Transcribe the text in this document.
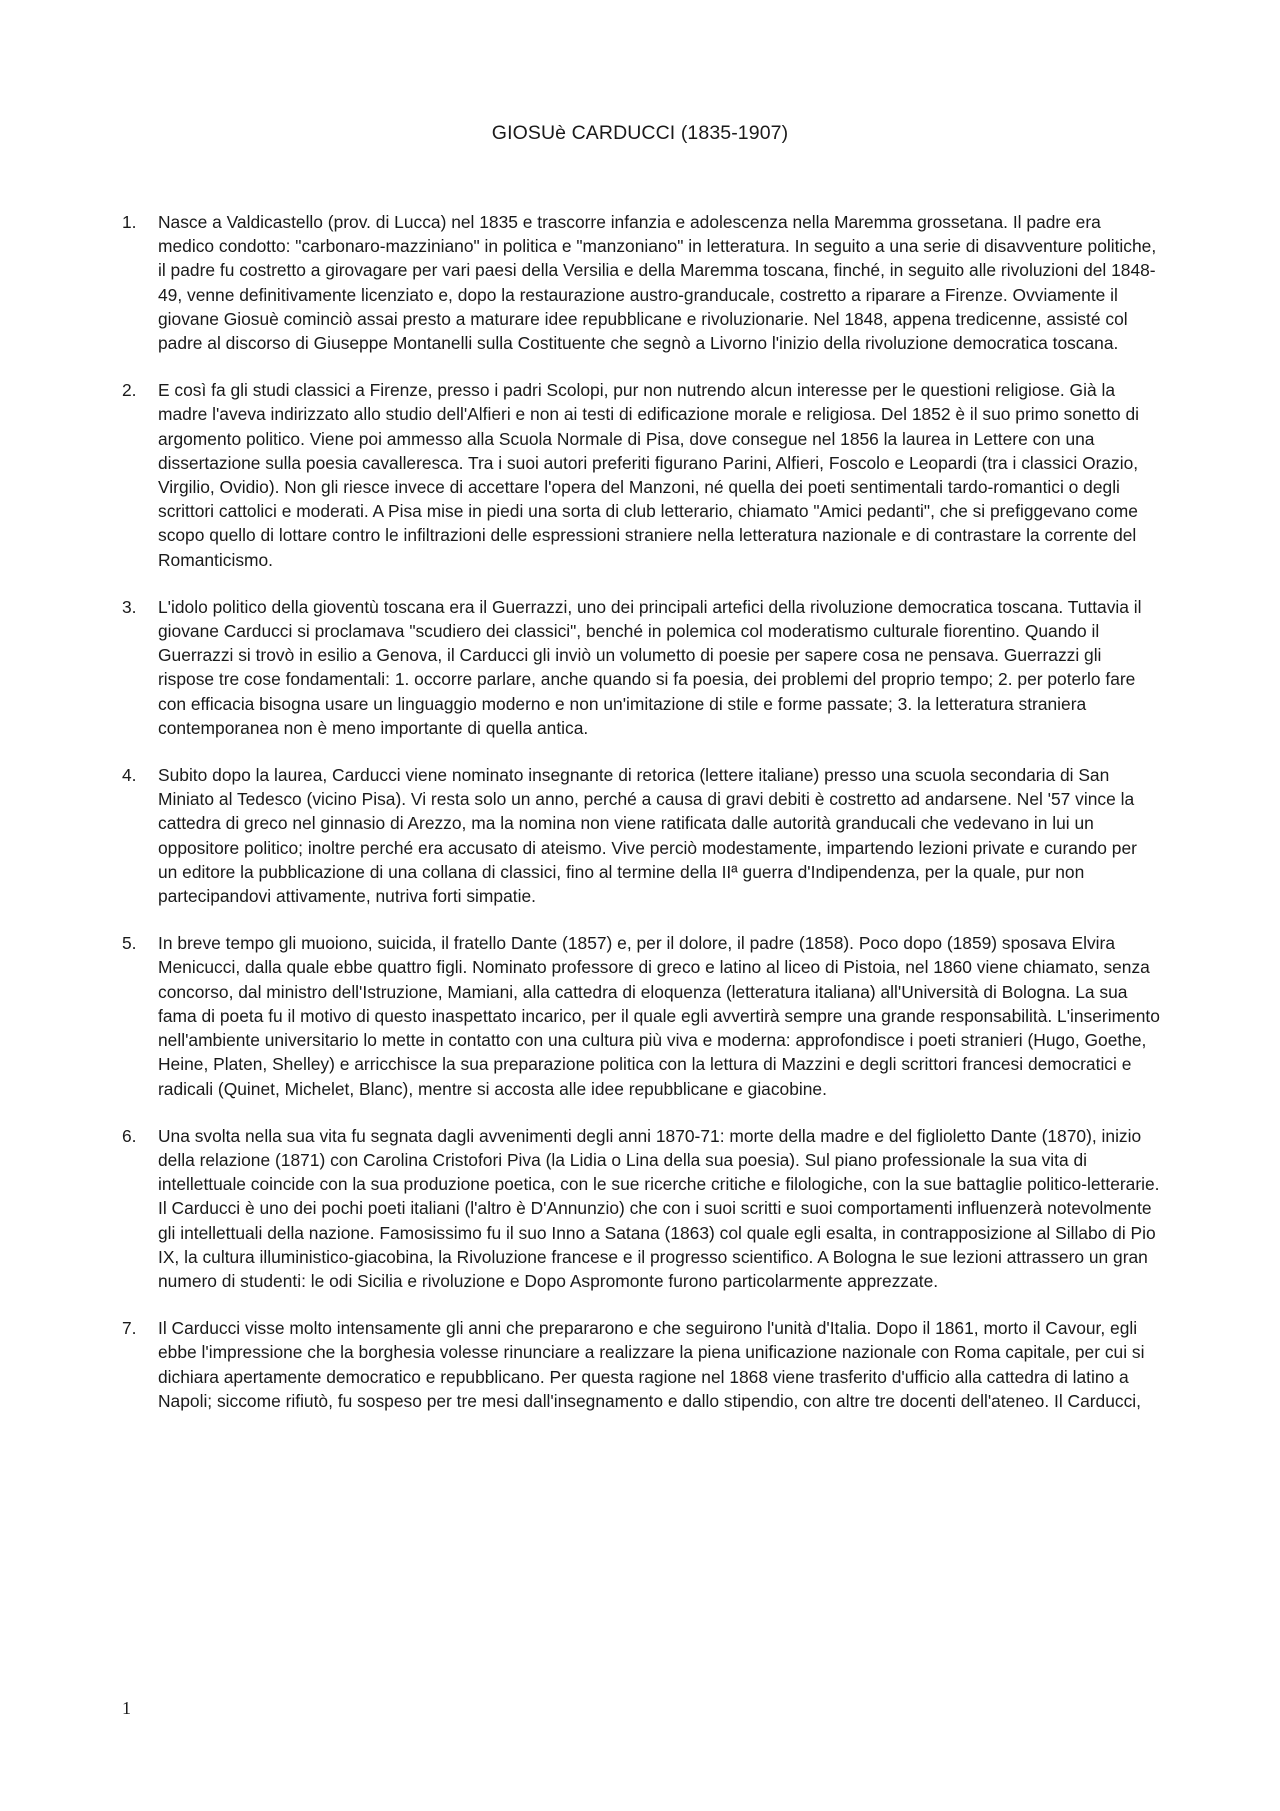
GIOSUè CARDUCCI (1835-1907)
1. Nasce a Valdicastello (prov. di Lucca) nel 1835 e trascorre infanzia e adolescenza nella Maremma grossetana. Il padre era medico condotto: "carbonaro-mazziniano" in politica e "manzoniano" in letteratura. In seguito a una serie di disavventure politiche, il padre fu costretto a girovagare per vari paesi della Versilia e della Maremma toscana, finché, in seguito alle rivoluzioni del 1848-49, venne definitivamente licenziato e, dopo la restaurazione austro-granducale, costretto a riparare a Firenze. Ovviamente il giovane Giosuè cominciò assai presto a maturare idee repubblicane e rivoluzionarie. Nel 1848, appena tredicenne, assisté col padre al discorso di Giuseppe Montanelli sulla Costituente che segnò a Livorno l'inizio della rivoluzione democratica toscana.
2. E così fa gli studi classici a Firenze, presso i padri Scolopi, pur non nutrendo alcun interesse per le questioni religiose. Già la madre l'aveva indirizzato allo studio dell'Alfieri e non ai testi di edificazione morale e religiosa. Del 1852 è il suo primo sonetto di argomento politico. Viene poi ammesso alla Scuola Normale di Pisa, dove consegue nel 1856 la laurea in Lettere con una dissertazione sulla poesia cavalleresca. Tra i suoi autori preferiti figurano Parini, Alfieri, Foscolo e Leopardi (tra i classici Orazio, Virgilio, Ovidio). Non gli riesce invece di accettare l'opera del Manzoni, né quella dei poeti sentimentali tardo-romantici o degli scrittori cattolici e moderati. A Pisa mise in piedi una sorta di club letterario, chiamato "Amici pedanti", che si prefiggevano come scopo quello di lottare contro le infiltrazioni delle espressioni straniere nella letteratura nazionale e di contrastare la corrente del Romanticismo.
3. L'idolo politico della gioventù toscana era il Guerrazzi, uno dei principali artefici della rivoluzione democratica toscana. Tuttavia il giovane Carducci si proclamava "scudiero dei classici", benché in polemica col moderatismo culturale fiorentino. Quando il Guerrazzi si trovò in esilio a Genova, il Carducci gli inviò un volumetto di poesie per sapere cosa ne pensava. Guerrazzi gli rispose tre cose fondamentali: 1. occorre parlare, anche quando si fa poesia, dei problemi del proprio tempo; 2. per poterlo fare con efficacia bisogna usare un linguaggio moderno e non un'imitazione di stile e forme passate; 3. la letteratura straniera contemporanea non è meno importante di quella antica.
4. Subito dopo la laurea, Carducci viene nominato insegnante di retorica (lettere italiane) presso una scuola secondaria di San Miniato al Tedesco (vicino Pisa). Vi resta solo un anno, perché a causa di gravi debiti è costretto ad andarsene. Nel '57 vince la cattedra di greco nel ginnasio di Arezzo, ma la nomina non viene ratificata dalle autorità granducali che vedevano in lui un oppositore politico; inoltre perché era accusato di ateismo. Vive perciò modestamente, impartendo lezioni private e curando per un editore la pubblicazione di una collana di classici, fino al termine della IIª guerra d'Indipendenza, per la quale, pur non partecipandovi attivamente, nutriva forti simpatie.
5. In breve tempo gli muoiono, suicida, il fratello Dante (1857) e, per il dolore, il padre (1858). Poco dopo (1859) sposava Elvira Menicucci, dalla quale ebbe quattro figli. Nominato professore di greco e latino al liceo di Pistoia, nel 1860 viene chiamato, senza concorso, dal ministro dell'Istruzione, Mamiani, alla cattedra di eloquenza (letteratura italiana) all'Università di Bologna. La sua fama di poeta fu il motivo di questo inaspettato incarico, per il quale egli avvertirà sempre una grande responsabilità. L'inserimento nell'ambiente universitario lo mette in contatto con una cultura più viva e moderna: approfondisce i poeti stranieri (Hugo, Goethe, Heine, Platen, Shelley) e arricchisce la sua preparazione politica con la lettura di Mazzini e degli scrittori francesi democratici e radicali (Quinet, Michelet, Blanc), mentre si accosta alle idee repubblicane e giacobine.
6. Una svolta nella sua vita fu segnata dagli avvenimenti degli anni 1870-71: morte della madre e del figlioletto Dante (1870), inizio della relazione (1871) con Carolina Cristofori Piva (la Lidia o Lina della sua poesia). Sul piano professionale la sua vita di intellettuale coincide con la sua produzione poetica, con le sue ricerche critiche e filologiche, con la sue battaglie politico-letterarie. Il Carducci è uno dei pochi poeti italiani (l'altro è D'Annunzio) che con i suoi scritti e suoi comportamenti influenzerà notevolmente gli intellettuali della nazione. Famosissimo fu il suo Inno a Satana (1863) col quale egli esalta, in contrapposizione al Sillabo di Pio IX, la cultura illuministico-giacobina, la Rivoluzione francese e il progresso scientifico. A Bologna le sue lezioni attrassero un gran numero di studenti: le odi Sicilia e rivoluzione e Dopo Aspromonte furono particolarmente apprezzate.
7. Il Carducci visse molto intensamente gli anni che prepararono e che seguirono l'unità d'Italia. Dopo il 1861, morto il Cavour, egli ebbe l'impressione che la borghesia volesse rinunciare a realizzare la piena unificazione nazionale con Roma capitale, per cui si dichiara apertamente democratico e repubblicano. Per questa ragione nel 1868 viene trasferito d'ufficio alla cattedra di latino a Napoli; siccome rifiutò, fu sospeso per tre mesi dall'insegnamento e dallo stipendio, con altre tre docenti dell'ateneo. Il Carducci,
1
